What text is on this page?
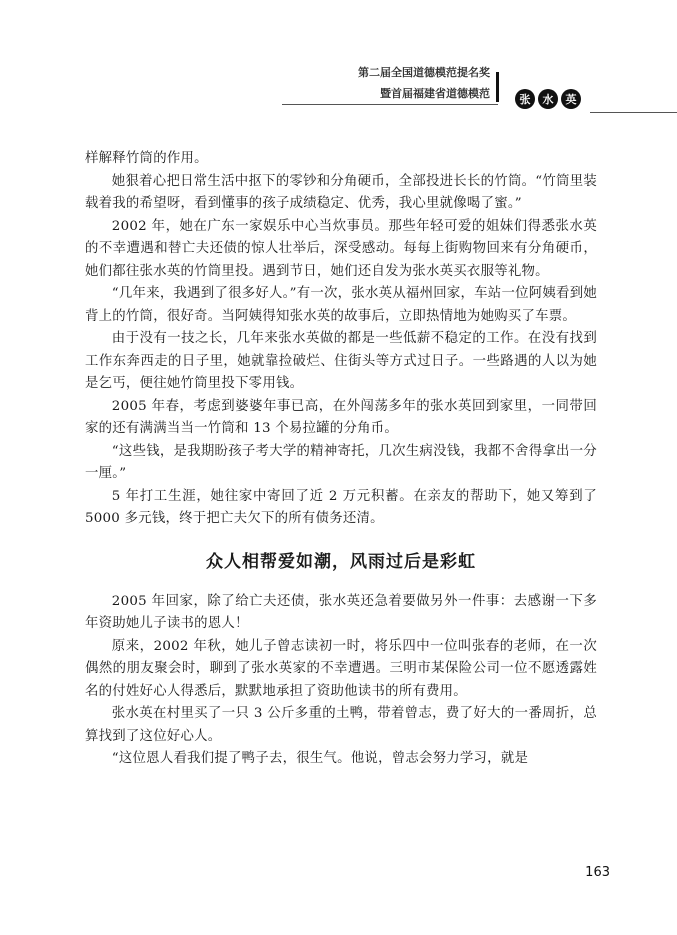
第二届全国道德模范提名奖
暨首届福建省道德模范	张	水	英

样解释竹筒的作用。

她狠着心把日常生活中抠下的零钞和分角硬币，全部投进长长的竹筒。“竹筒里装载着我的希望呀，看到懂事的孩子成绩稳定、优秀，我心里就像喝了蜜。”

2002 年，她在广东一家娱乐中心当炊事员。那些年轻可爱的姐妹们得悉张水英的不幸遭遇和替亡夫还债的惊人壮举后，深受感动。每每上街购物回来有分角硬币，她们都往张水英的竹筒里投。遇到节日，她们还自发为张水英买衣服等礼物。

“几年来，我遇到了很多好人。”有一次，张水英从福州回家，车站一位阿姨看到她背上的竹筒，很好奇。当阿姨得知张水英的故事后，立即热情地为她购买了车票。

由于没有一技之长，几年来张水英做的都是一些低薪不稳定的工作。在没有找到工作东奔西走的日子里，她就靠捡破烂、住街头等方式过日子。一些路遇的人以为她是乞丐，便往她竹筒里投下零用钱。

2005 年春，考虑到婆婆年事已高，在外闯荡多年的张水英回到家里，一同带回家的还有满满当当一竹筒和 13 个易拉罐的分角币。

“这些钱，是我期盼孩子考大学的精神寄托，几次生病没钱，我都不舍得拿出一分一厘。”

5 年打工生涯，她往家中寄回了近 2 万元积蓄。在亲友的帮助下，她又筹到了 5000 多元钱，终于把亡夫欠下的所有债务还清。

众人相帮爱如潮，风雨过后是彩虹

2005 年回家，除了给亡夫还债，张水英还急着要做另外一件事：去感谢一下多年资助她儿子读书的恩人！

原来，2002 年秋，她儿子曾志读初一时，将乐四中一位叫张春的老师，在一次偶然的朋友聚会时，聊到了张水英家的不幸遭遇。三明市某保险公司一位不愿透露姓名的付姓好心人得悉后，默默地承担了资助他读书的所有费用。

张水英在村里买了一只 3 公斤多重的土鸭，带着曾志，费了好大的一番周折，总算找到了这位好心人。

“这位恩人看我们提了鸭子去，很生气。他说，曾志会努力学习，就是

163
